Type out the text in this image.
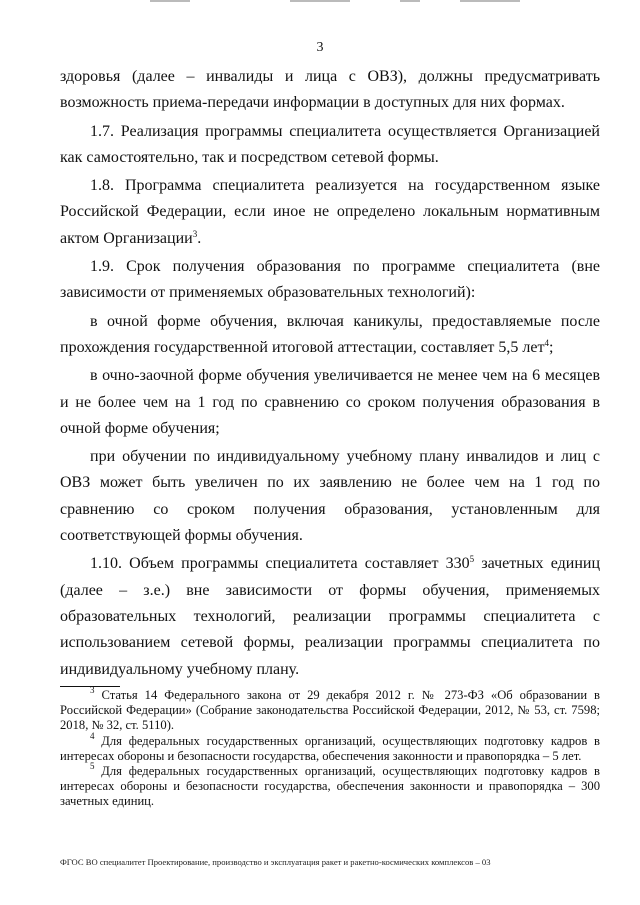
3

здоровья (далее – инвалиды и лица с ОВЗ), должны предусматривать возможность приема-передачи информации в доступных для них формах.

1.7. Реализация программы специалитета осуществляется Организацией как самостоятельно, так и посредством сетевой формы.

1.8. Программа специалитета реализуется на государственном языке Российской Федерации, если иное не определено локальным нормативным актом Организации$^3$.

1.9. Срок получения образования по программе специалитета (вне зависимости от применяемых образовательных технологий):

в очной форме обучения, включая каникулы, предоставляемые после прохождения государственной итоговой аттестации, составляет 5,5 лет$^4$;

в очно-заочной форме обучения увеличивается не менее чем на 6 месяцев и не более чем на 1 год по сравнению со сроком получения образования в очной форме обучения;

при обучении по индивидуальному учебному плану инвалидов и лиц с ОВЗ может быть увеличен по их заявлению не более чем на 1 год по сравнению со сроком получения образования, установленным для соответствующей формы обучения.

1.10. Объем программы специалитета составляет $330^5$ зачетных единиц (далее – з.е.) вне зависимости от формы обучения, применяемых образовательных технологий, реализации программы специалитета с использованием сетевой формы, реализации программы специалитета по индивидуальному учебному плану.

$^3$ Статья 14 Федерального закона от 29 декабря 2012 г. № 273-ФЗ «Об образовании в Российской Федерации» (Собрание законодательства Российской Федерации, 2012, № 53, ст. 7598; 2018, № 32, ст. 5110).

$^4$ Для федеральных государственных организаций, осуществляющих подготовку кадров в интересах обороны и безопасности государства, обеспечения законности и правопорядка – 5 лет.

$^5$ Для федеральных государственных организаций, осуществляющих подготовку кадров в интересах обороны и безопасности государства, обеспечения законности и правопорядка – 300 зачетных единиц.

ФГОС ВО специалитет Проектирование, производство и эксплуатация ракет и ракетно-космических комплексов – 03
